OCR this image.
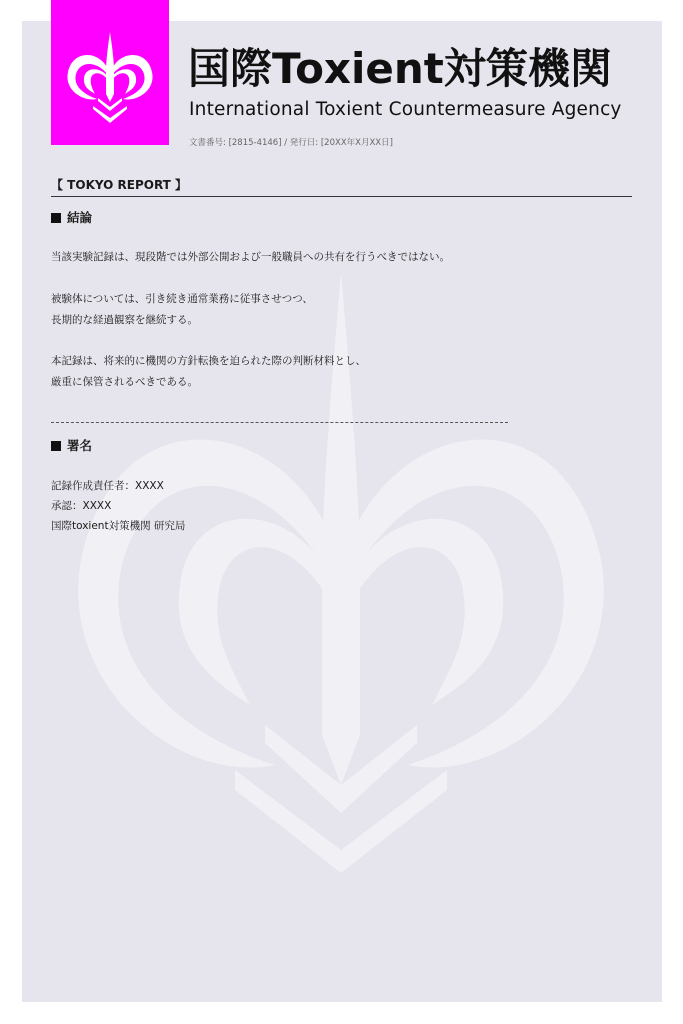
国際Toxient対策機関
International Toxient Countermeasure Agency
文書番号: [2815-4146] / 発行日: [20XX年X月XX日]
【 TOKYO REPORT 】
結論
当該実験記録は、現段階では外部公開および一般職員への共有を行うべきではない。
被験体については、引き続き通常業務に従事させつつ、
長期的な経過観察を継続する。
本記録は、将来的に機関の方針転換を迫られた際の判断材料とし、
厳重に保管されるべきである。
署名
記録作成責任者：XXXX
承認：XXXX
国際toxient対策機関 研究局
